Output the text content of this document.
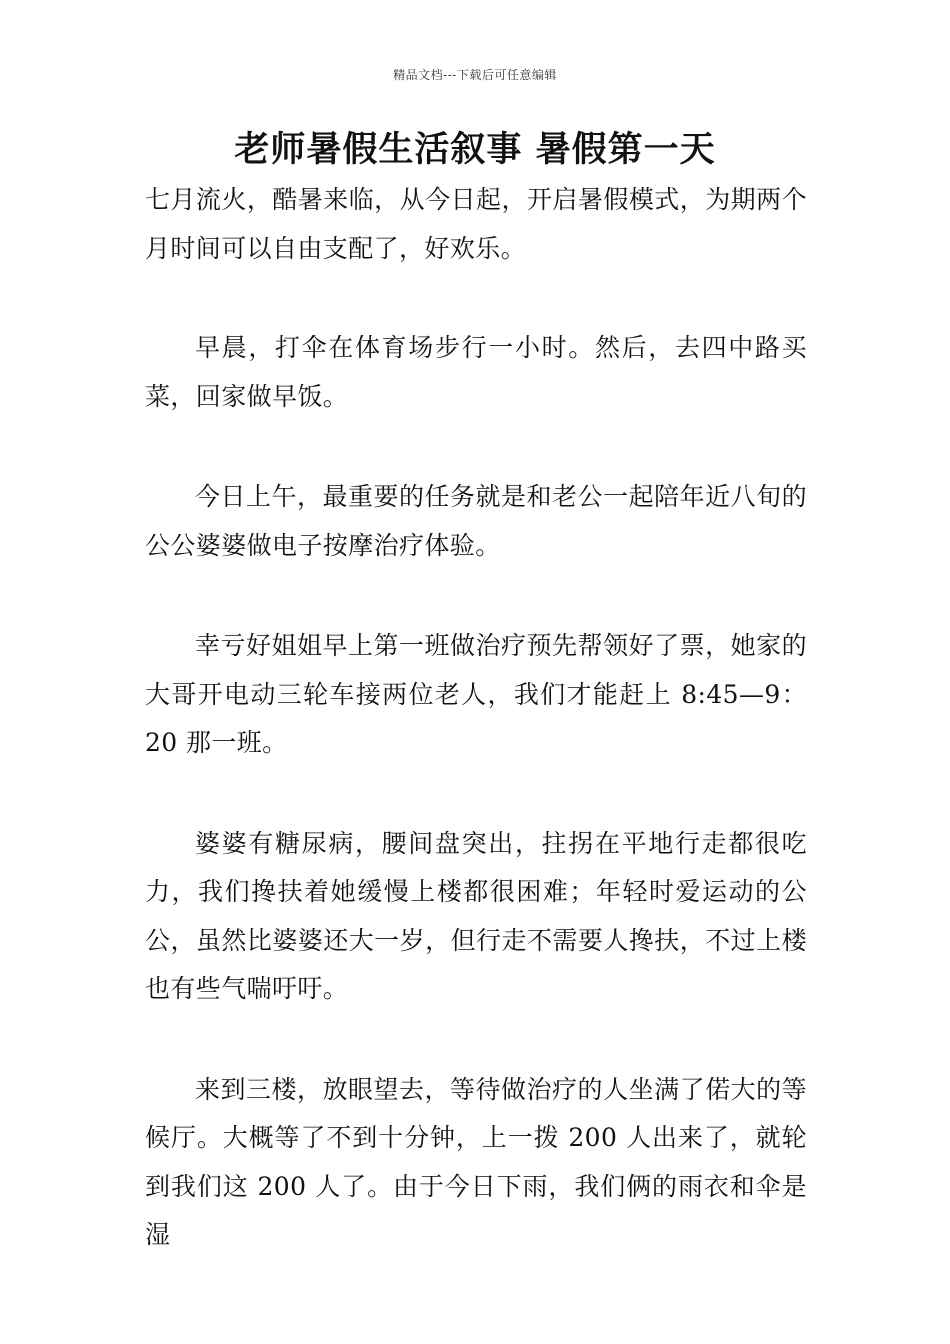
精品文档---下载后可任意编辑
老师暑假生活叙事 暑假第一天

七月流火，酷暑来临，从今日起，开启暑假模式，为期两个月时间可以自由支配了，好欢乐。

早晨，打伞在体育场步行一小时。然后，去四中路买菜，回家做早饭。

今日上午，最重要的任务就是和老公一起陪年近八旬的公公婆婆做电子按摩治疗体验。

幸亏好姐姐早上第一班做治疗预先帮领好了票，她家的大哥开电动三轮车接两位老人，我们才能赶上 8:45—9：20 那一班。

婆婆有糖尿病，腰间盘突出，拄拐在平地行走都很吃力，我们搀扶着她缓慢上楼都很困难；年轻时爱运动的公公，虽然比婆婆还大一岁，但行走不需要人搀扶，不过上楼也有些气喘吁吁。

来到三楼，放眼望去，等待做治疗的人坐满了偌大的等候厅。大概等了不到十分钟，上一拨 200 人出来了，就轮到我们这 200 人了。由于今日下雨，我们俩的雨衣和伞是湿
